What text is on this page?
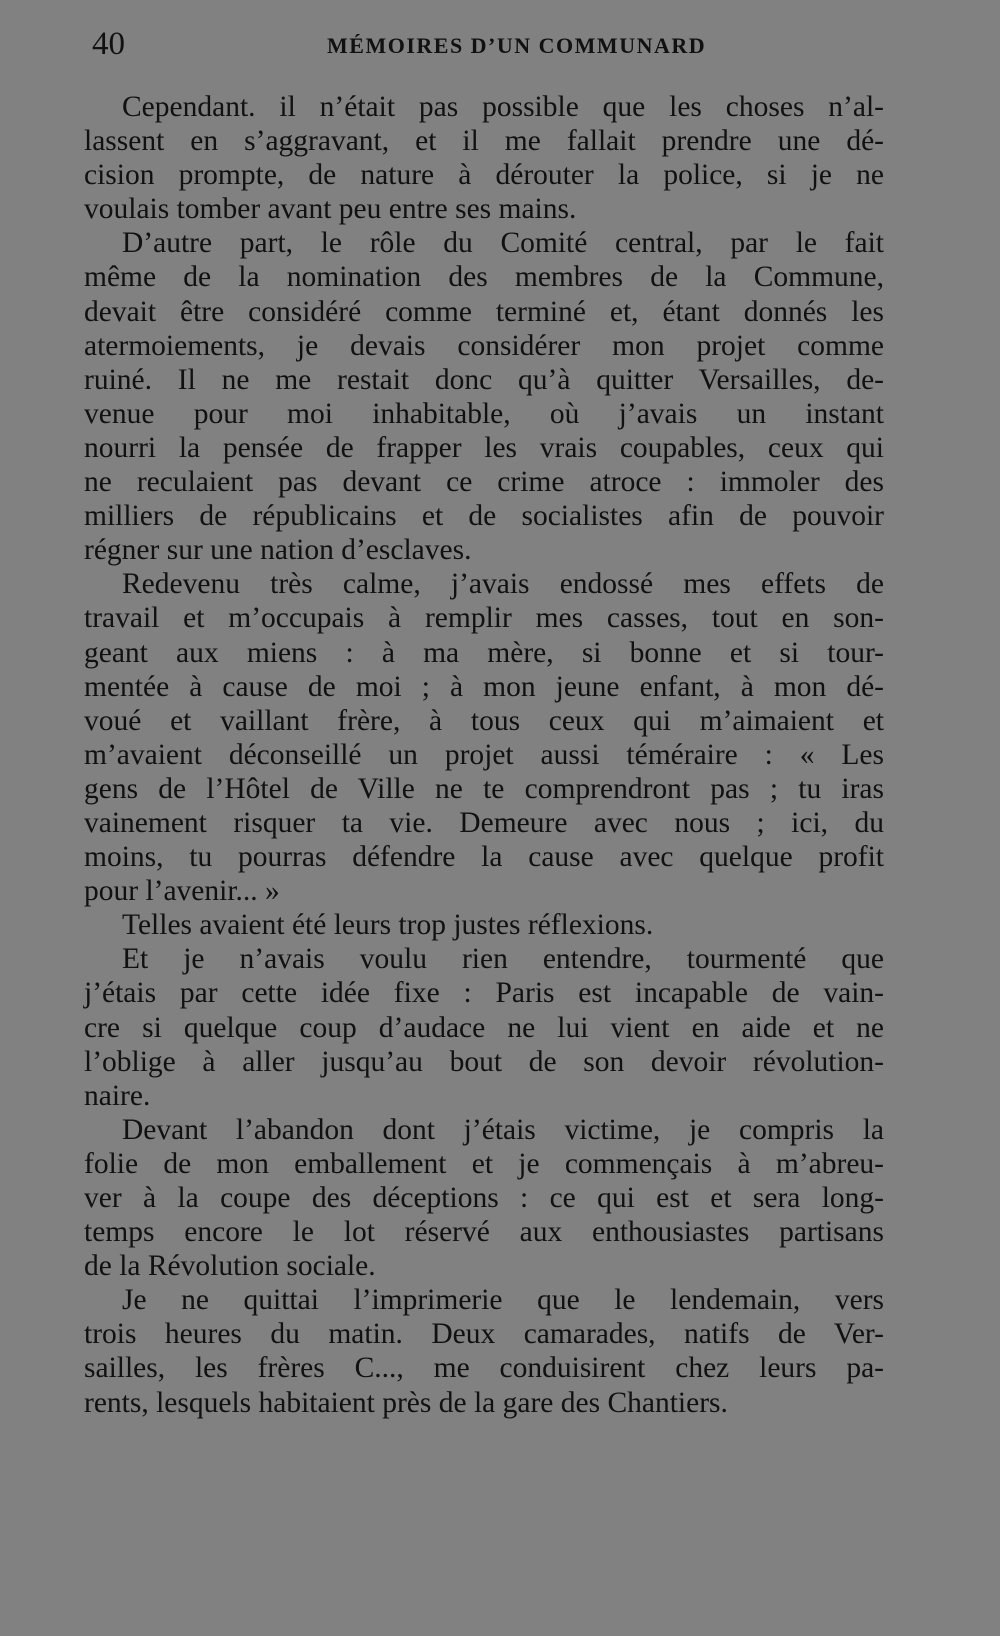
40	MÉMOIRES D’UN COMMUNARD
Cependant. il n’était pas possible que les choses n’al-
lassent en s’aggravant, et il me fallait prendre une dé-
cision prompte, de nature à dérouter la police, si je ne
voulais tomber avant peu entre ses mains.
D’autre part, le rôle du Comité central, par le fait
même de la nomination des membres de la Commune,
devait être considéré comme terminé et, étant donnés les
atermoiements, je devais considérer mon projet comme
ruiné. Il ne me restait donc qu’à quitter Versailles, de-
venue pour moi inhabitable, où j’avais un instant
nourri la pensée de frapper les vrais coupables, ceux qui
ne reculaient pas devant ce crime atroce : immoler des
milliers de républicains et de socialistes afin de pouvoir
régner sur une nation d’esclaves.
Redevenu très calme, j’avais endossé mes effets de
travail et m’occupais à remplir mes casses, tout en son-
geant aux miens : à ma mère, si bonne et si tour-
mentée à cause de moi ; à mon jeune enfant, à mon dé-
voué et vaillant frère, à tous ceux qui m’aimaient et
m’avaient déconseillé un projet aussi téméraire : « Les
gens de l’Hôtel de Ville ne te comprendront pas ; tu iras
vainement risquer ta vie. Demeure avec nous ; ici, du
moins, tu pourras défendre la cause avec quelque profit
pour l’avenir... »
Telles avaient été leurs trop justes réflexions.
Et je n’avais voulu rien entendre, tourmenté que
j’étais par cette idée fixe : Paris est incapable de vain-
cre si quelque coup d’audace ne lui vient en aide et ne
l’oblige à aller jusqu’au bout de son devoir révolution-
naire.
Devant l’abandon dont j’étais victime, je compris la
folie de mon emballement et je commençais à m’abreu-
ver à la coupe des déceptions : ce qui est et sera long-
temps encore le lot réservé aux enthousiastes partisans
de la Révolution sociale.
Je ne quittai l’imprimerie que le lendemain, vers
trois heures du matin. Deux camarades, natifs de Ver-
sailles, les frères C..., me conduisirent chez leurs pa-
rents, lesquels habitaient près de la gare des Chantiers.
